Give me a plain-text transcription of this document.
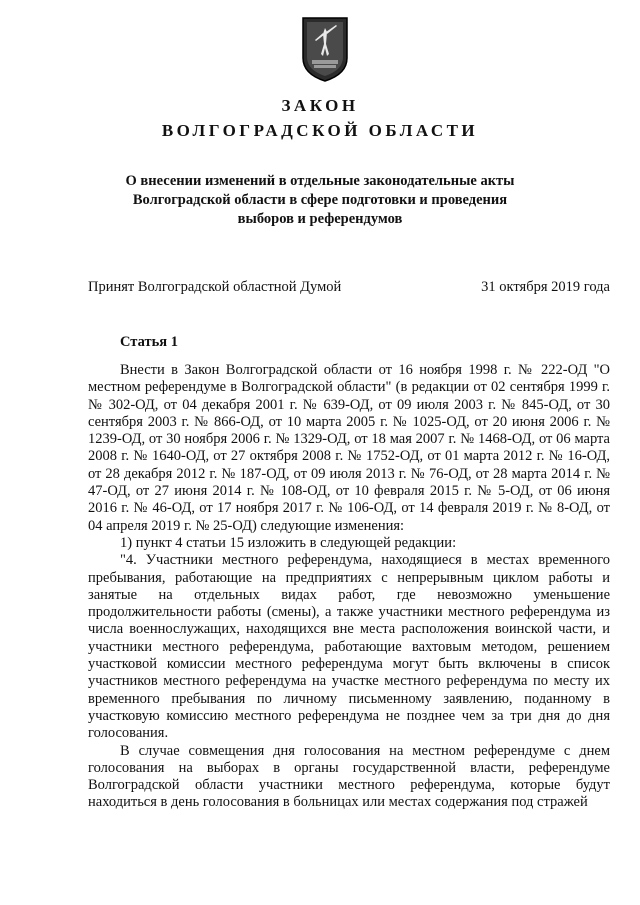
ЗАКОН
ВОЛГОГРАДСКОЙ ОБЛАСТИ
О внесении изменений в отдельные законодательные акты Волгоградской области в сфере подготовки и проведения выборов и референдумов
Принят Волгоградской областной Думой	31 октября 2019 года
Статья 1

Внести в Закон Волгоградской области от 16 ноября 1998 г. № 222-ОД "О местном референдуме в Волгоградской области" (в редакции от 02 сентября 1999 г. № 302-ОД, от 04 декабря 2001 г. № 639-ОД, от 09 июля 2003 г. № 845-ОД, от 30 сентября 2003 г. № 866-ОД, от 10 марта 2005 г. № 1025-ОД, от 20 июня 2006 г. № 1239-ОД, от 30 ноября 2006 г. № 1329-ОД, от 18 мая 2007 г. № 1468-ОД, от 06 марта 2008 г. № 1640-ОД, от 27 октября 2008 г. № 1752-ОД, от 01 марта 2012 г. № 16-ОД, от 28 декабря 2012 г. № 187-ОД, от 09 июля 2013 г. № 76-ОД, от 28 марта 2014 г. № 47-ОД, от 27 июня 2014 г. № 108-ОД, от 10 февраля 2015 г. № 5-ОД, от 06 июня 2016 г. № 46-ОД, от 17 ноября 2017 г. № 106-ОД, от 14 февраля 2019 г. № 8-ОД, от 04 апреля 2019 г. № 25-ОД) следующие изменения:

1) пункт 4 статьи 15 изложить в следующей редакции:

"4. Участники местного референдума, находящиеся в местах временного пребывания, работающие на предприятиях с непрерывным циклом работы и занятые на отдельных видах работ, где невозможно уменьшение продолжительности работы (смены), а также участники местного референдума из числа военнослужащих, находящихся вне места расположения воинской части, и участники местного референдума, работающие вахтовым методом, решением участковой комиссии местного референдума могут быть включены в список участников местного референдума на участке местного референдума по месту их временного пребывания по личному письменному заявлению, поданному в участковую комиссию местного референдума не позднее чем за три дня до дня голосования.

В случае совмещения дня голосования на местном референдуме с днем голосования на выборах в органы государственной власти, референдуме Волгоградской области участники местного референдума, которые будут находиться в день голосования в больницах или местах содержания под стражей
